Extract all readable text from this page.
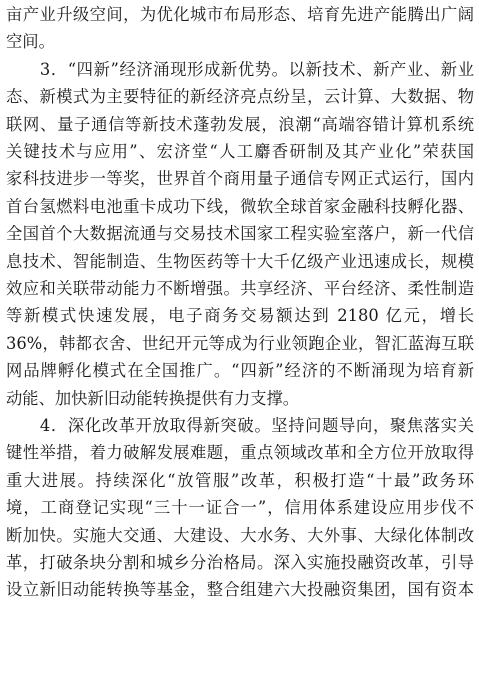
亩产业升级空间，为优化城市布局形态、培育先进产能腾出广阔
空间。
　　3．“四新”经济涌现形成新优势。以新技术、新产业、新业
态、新模式为主要特征的新经济亮点纷呈，云计算、大数据、物
联网、量子通信等新技术蓬勃发展，浪潮“高端容错计算机系统
关键技术与应用”、宏济堂“人工麝香研制及其产业化”荣获国
家科技进步一等奖，世界首个商用量子通信专网正式运行，国内
首台氢燃料电池重卡成功下线，微软全球首家金融科技孵化器、
全国首个大数据流通与交易技术国家工程实验室落户，新一代信
息技术、智能制造、生物医药等十大千亿级产业迅速成长，规模
效应和关联带动能力不断增强。共享经济、平台经济、柔性制造
等新模式快速发展，电子商务交易额达到 2180 亿元，增长
36%，韩都衣舍、世纪开元等成为行业领跑企业，智汇蓝海互联
网品牌孵化模式在全国推广。“四新”经济的不断涌现为培育新
动能、加快新旧动能转换提供有力支撑。
　　4．深化改革开放取得新突破。坚持问题导向，聚焦落实关
键性举措，着力破解发展难题，重点领域改革和全方位开放取得
重大进展。持续深化“放管服”改革，积极打造“十最”政务环
境，工商登记实现“三十一证合一”，信用体系建设应用步伐不
断加快。实施大交通、大建设、大水务、大外事、大绿化体制改
革，打破条块分割和城乡分治格局。深入实施投融资改革，引导
设立新旧动能转换等基金，整合组建六大投融资集团，国有资本
